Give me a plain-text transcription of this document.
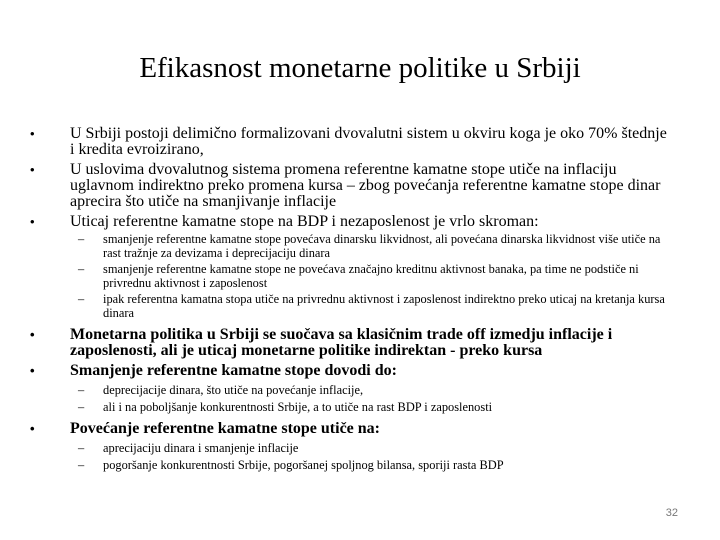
Efikasnost monetarne politike u Srbiji
• U Srbiji postoji delimično formalizovani dvovalutni sistem u okviru koga je oko 70% štednje i kredita evroizirano,
• U uslovima dvovalutnog sistema promena referentne kamatne stope utiče na inflaciju uglavnom indirektno preko promena kursa – zbog povećanja referentne kamatne stope dinar aprecira što utiče na smanjivanje inflacije
• Uticaj referentne kamatne stope na BDP i nezaposlenost je vrlo skroman:
– smanjenje referentne kamatne stope povećava dinarsku likvidnost, ali povećana dinarska likvidnost više utiče na rast tražnje za devizama i deprecijaciju dinara
– smanjenje referentne kamatne stope ne povećava značajno kreditnu aktivnost banaka, pa time ne podstiče ni privrednu aktivnost i zaposlenost
– ipak referentna kamatna stopa utiče na privrednu aktivnost i zaposlenost indirektno preko uticaj na kretanja kursa dinara
• Monetarna politika u Srbiji se suočava sa klasičnim trade off izmedju inflacije i zaposlenosti, ali je uticaj monetarne politike indirektan - preko kursa
• Smanjenje referentne kamatne stope dovodi do:
– deprecijacije dinara, što utiče na povećanje inflacije,
– ali i na poboljšanje konkurentnosti Srbije, a to utiče na rast BDP i zaposlenosti
• Povećanje referentne kamatne stope utiče na:
– aprecijaciju dinara i smanjenje inflacije
– pogoršanje konkurentnosti Srbije, pogoršanej spoljnog bilansa, sporiji rasta BDP
32
